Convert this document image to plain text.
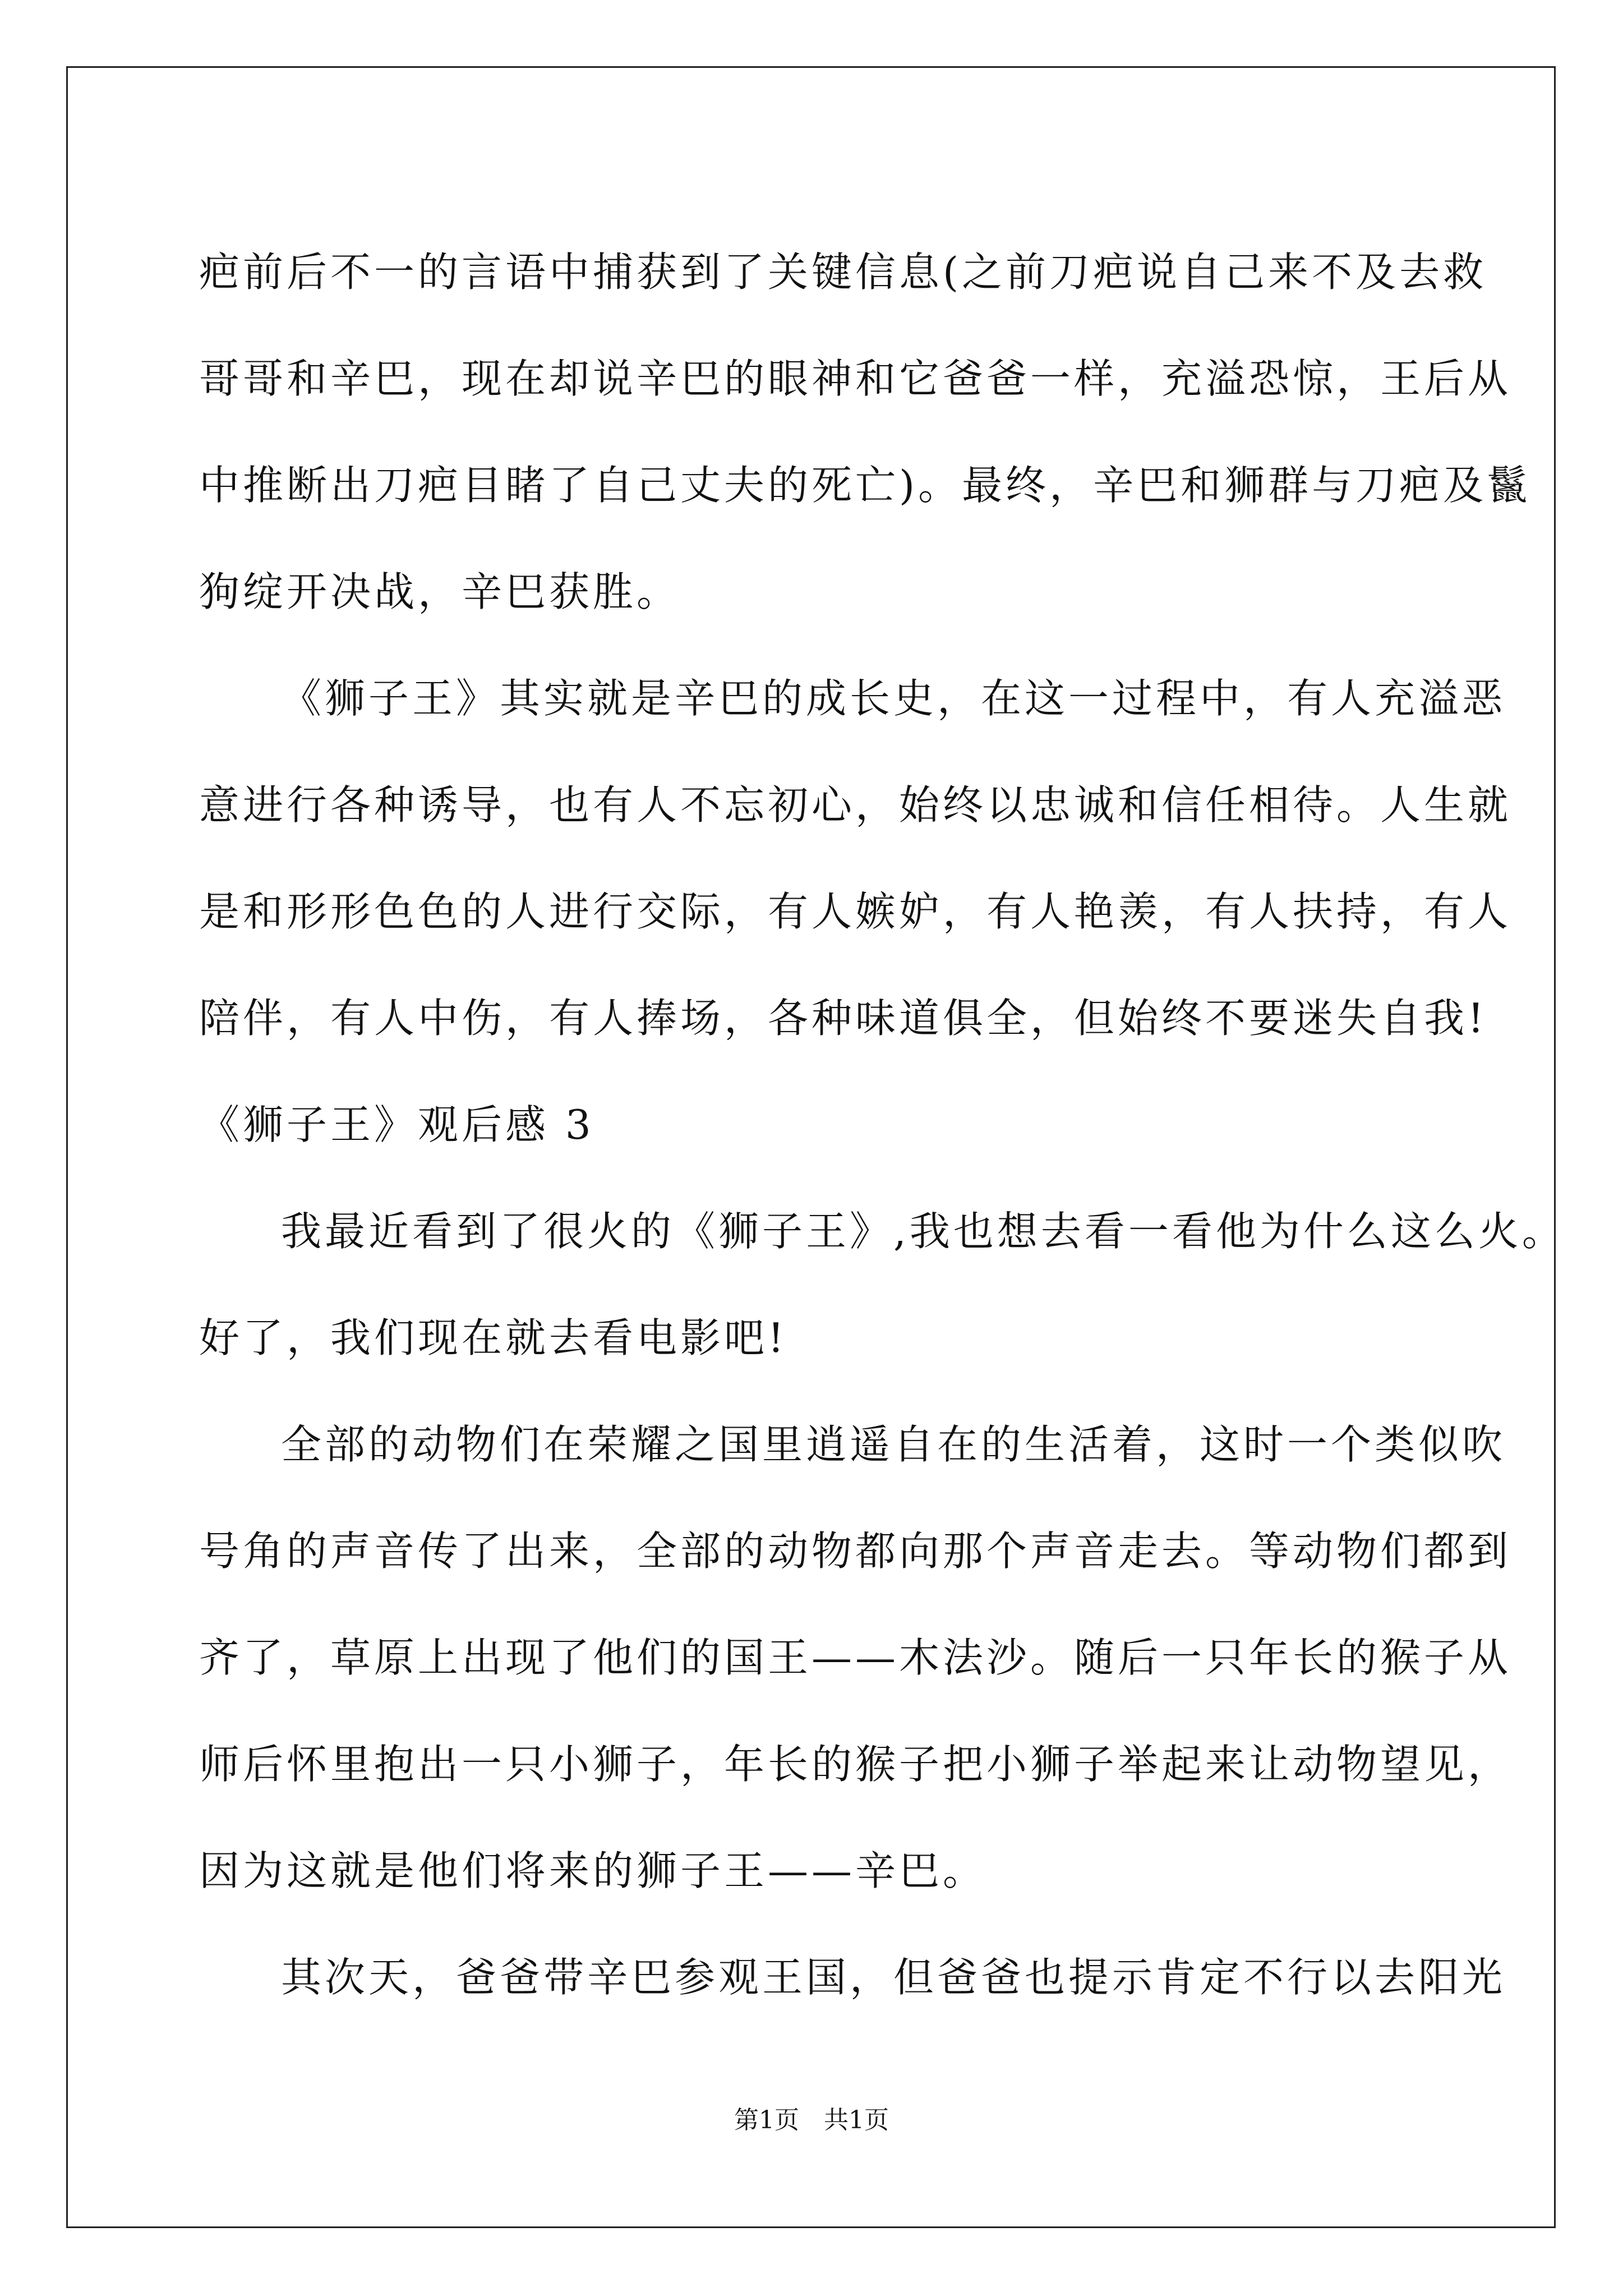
疤前后不一的言语中捕获到了关键信息(之前刀疤说自己来不及去救
哥哥和辛巴，现在却说辛巴的眼神和它爸爸一样，充溢恐惊，王后从
中推断出刀疤目睹了自己丈夫的死亡)。最终，辛巴和狮群与刀疤及鬣
狗绽开决战，辛巴获胜。
《狮子王》其实就是辛巴的成长史，在这一过程中，有人充溢恶
意进行各种诱导，也有人不忘初心，始终以忠诚和信任相待。人生就
是和形形色色的人进行交际，有人嫉妒，有人艳羡，有人扶持，有人
陪伴，有人中伤，有人捧场，各种味道俱全，但始终不要迷失自我!
《狮子王》观后感 3
我最近看到了很火的《狮子王》,我也想去看一看他为什么这么火。
好了，我们现在就去看电影吧!
全部的动物们在荣耀之国里逍遥自在的生活着，这时一个类似吹
号角的声音传了出来，全部的动物都向那个声音走去。等动物们都到
齐了，草原上出现了他们的国王——木法沙。随后一只年长的猴子从
师后怀里抱出一只小狮子，年长的猴子把小狮子举起来让动物望见，
因为这就是他们将来的狮子王——辛巴。
其次天，爸爸带辛巴参观王国，但爸爸也提示肯定不行以去阳光
第1页　共1页
